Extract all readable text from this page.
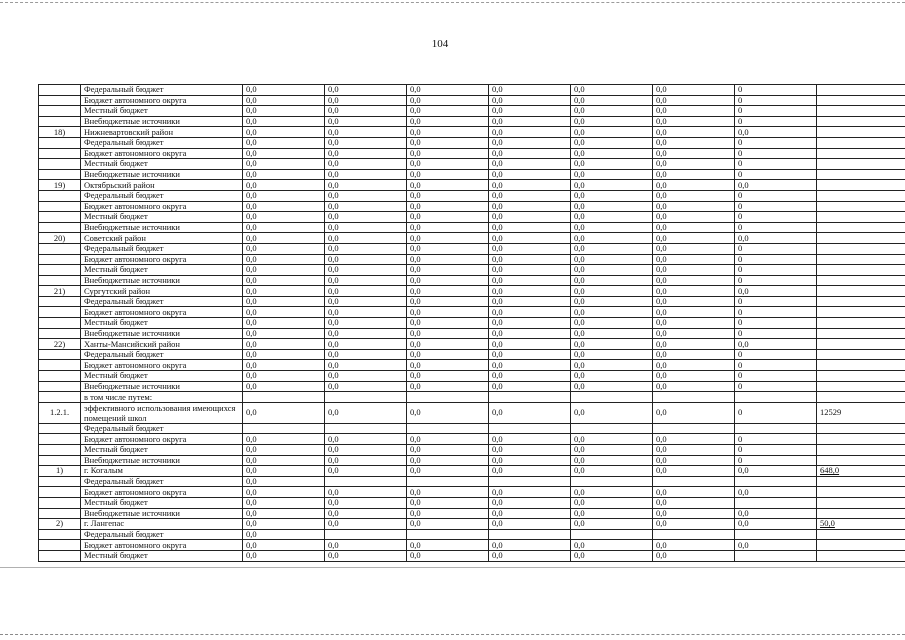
104
	Федеральный бюджет	0,0	0,0	0,0	0,0	0,0	0,0	0	
	Бюджет автономного округа	0,0	0,0	0,0	0,0	0,0	0,0	0	
	Местный бюджет	0,0	0,0	0,0	0,0	0,0	0,0	0	
	Внебюджетные источники	0,0	0,0	0,0	0,0	0,0	0,0	0	
18)	Нижневартовский район	0,0	0,0	0,0	0,0	0,0	0,0	0,0	
	Федеральный бюджет	0,0	0,0	0,0	0,0	0,0	0,0	0	
	Бюджет автономного округа	0,0	0,0	0,0	0,0	0,0	0,0	0	
	Местный бюджет	0,0	0,0	0,0	0,0	0,0	0,0	0	
	Внебюджетные источники	0,0	0,0	0,0	0,0	0,0	0,0	0	
19)	Октябрьский район	0,0	0,0	0,0	0,0	0,0	0,0	0,0	
	Федеральный бюджет	0,0	0,0	0,0	0,0	0,0	0,0	0	
	Бюджет автономного округа	0,0	0,0	0,0	0,0	0,0	0,0	0	
	Местный бюджет	0,0	0,0	0,0	0,0	0,0	0,0	0	
	Внебюджетные источники	0,0	0,0	0,0	0,0	0,0	0,0	0	
20)	Советский район	0,0	0,0	0,0	0,0	0,0	0,0	0,0	
	Федеральный бюджет	0,0	0,0	0,0	0,0	0,0	0,0	0	
	Бюджет автономного округа	0,0	0,0	0,0	0,0	0,0	0,0	0	
	Местный бюджет	0,0	0,0	0,0	0,0	0,0	0,0	0	
	Внебюджетные источники	0,0	0,0	0,0	0,0	0,0	0,0	0	
21)	Сургутский район	0,0	0,0	0,0	0,0	0,0	0,0	0,0	
	Федеральный бюджет	0,0	0,0	0,0	0,0	0,0	0,0	0	
	Бюджет автономного округа	0,0	0,0	0,0	0,0	0,0	0,0	0	
	Местный бюджет	0,0	0,0	0,0	0,0	0,0	0,0	0	
	Внебюджетные источники	0,0	0,0	0,0	0,0	0,0	0,0	0	
22)	Ханты-Мансийский район	0,0	0,0	0,0	0,0	0,0	0,0	0,0	
	Федеральный бюджет	0,0	0,0	0,0	0,0	0,0	0,0	0	
	Бюджет автономного округа	0,0	0,0	0,0	0,0	0,0	0,0	0	
	Местный бюджет	0,0	0,0	0,0	0,0	0,0	0,0	0	
	Внебюджетные источники	0,0	0,0	0,0	0,0	0,0	0,0	0	
	в том числе путем:								
1.2.1.	эффективного использования имеющихся помещений школ	0,0	0,0	0,0	0,0	0,0	0,0	0	12529
	Федеральный бюджет								
	Бюджет автономного округа	0,0	0,0	0,0	0,0	0,0	0,0	0	
	Местный бюджет	0,0	0,0	0,0	0,0	0,0	0,0	0	
	Внебюджетные источники	0,0	0,0	0,0	0,0	0,0	0,0	0	
1)	г. Когалым	0,0	0,0	0,0	0,0	0,0	0,0	0,0	648,0
	Федеральный бюджет	0,0							
	Бюджет автономного округа	0,0	0,0	0,0	0,0	0,0	0,0	0,0	
	Местный бюджет	0,0	0,0	0,0	0,0	0,0	0,0		
	Внебюджетные источники	0,0	0,0	0,0	0,0	0,0	0,0	0,0	
2)	г. Лангепас	0,0	0,0	0,0	0,0	0,0	0,0	0,0	50,0
	Федеральный бюджет	0,0							
	Бюджет автономного округа	0,0	0,0	0,0	0,0	0,0	0,0	0,0	
	Местный бюджет	0,0	0,0	0,0	0,0	0,0	0,0		
